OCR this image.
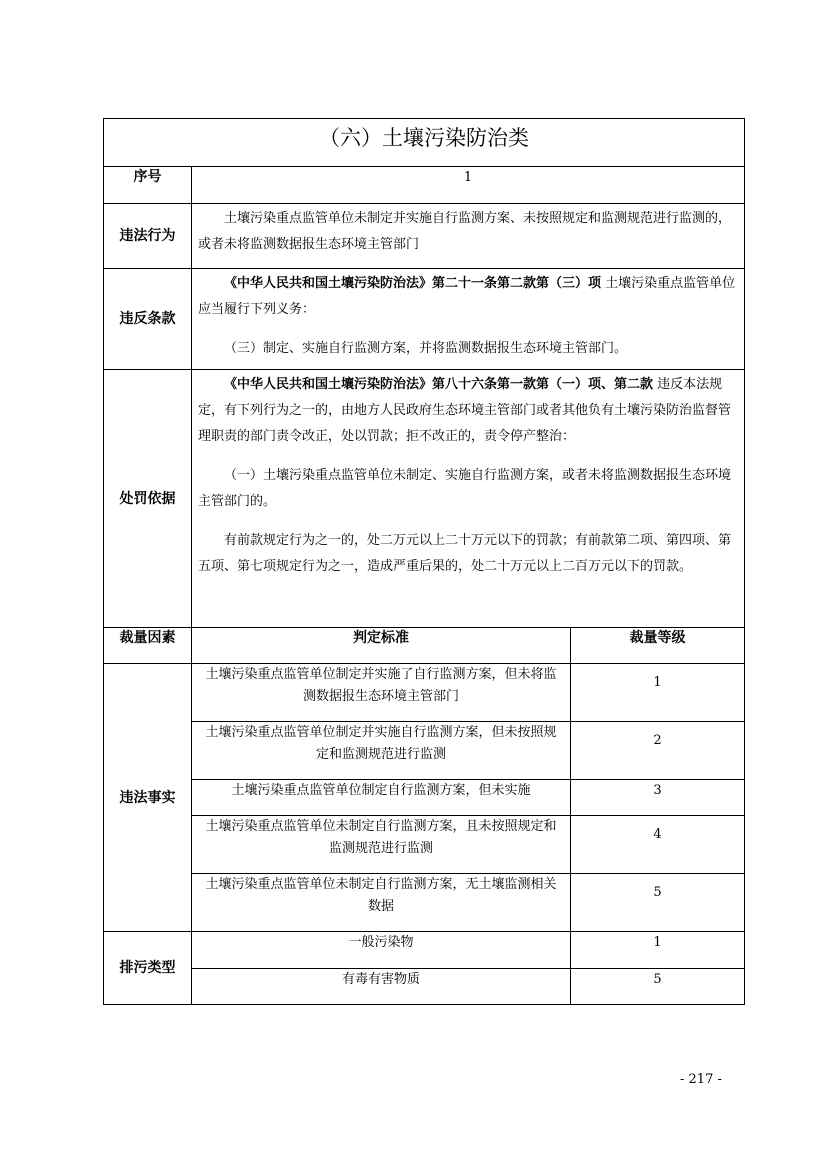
（六）土壤污染防治类		
序号	1	
违法行为	土壤污染重点监管单位未制定并实施自行监测方案、未按照规定和监测规范进行监测的，或者未将监测数据报生态环境主管部门	

违反条款	《中华人民共和国土壤污染防治法》第二十一条第二款第（三）项 土壤污染重点监管单位应当履行下列义务：

（三）制定、实施自行监测方案，并将监测数据报生态环境主管部门。	

处罚依据	《中华人民共和国土壤污染防治法》第八十六条第一款第（一）项、第二款 违反本法规定，有下列行为之一的，由地方人民政府生态环境主管部门或者其他负有土壤污染防治监督管理职责的部门责令改正，处以罚款；拒不改正的，责令停产整治：

（一）土壤污染重点监管单位未制定、实施自行监测方案，或者未将监测数据报生态环境主管部门的。

有前款规定行为之一的，处二万元以上二十万元以下的罚款；有前款第二项、第四项、第五项、第七项规定行为之一，造成严重后果的，处二十万元以上二百万元以下的罚款。	

裁量因素	判定标准	裁量等级
违法事实	土壤污染重点监管单位制定并实施了自行监测方案，但未将监测数据报生态环境主管部门	1
	土壤污染重点监管单位制定并实施自行监测方案，但未按照规定和监测规范进行监测	2
	土壤污染重点监管单位制定自行监测方案，但未实施	3
	土壤污染重点监管单位未制定自行监测方案，且未按照规定和监测规范进行监测	4
	土壤污染重点监管单位未制定自行监测方案，无土壤监测相关数据	5
排污类型	一般污染物	1
	有毒有害物质	5
- 217 -
